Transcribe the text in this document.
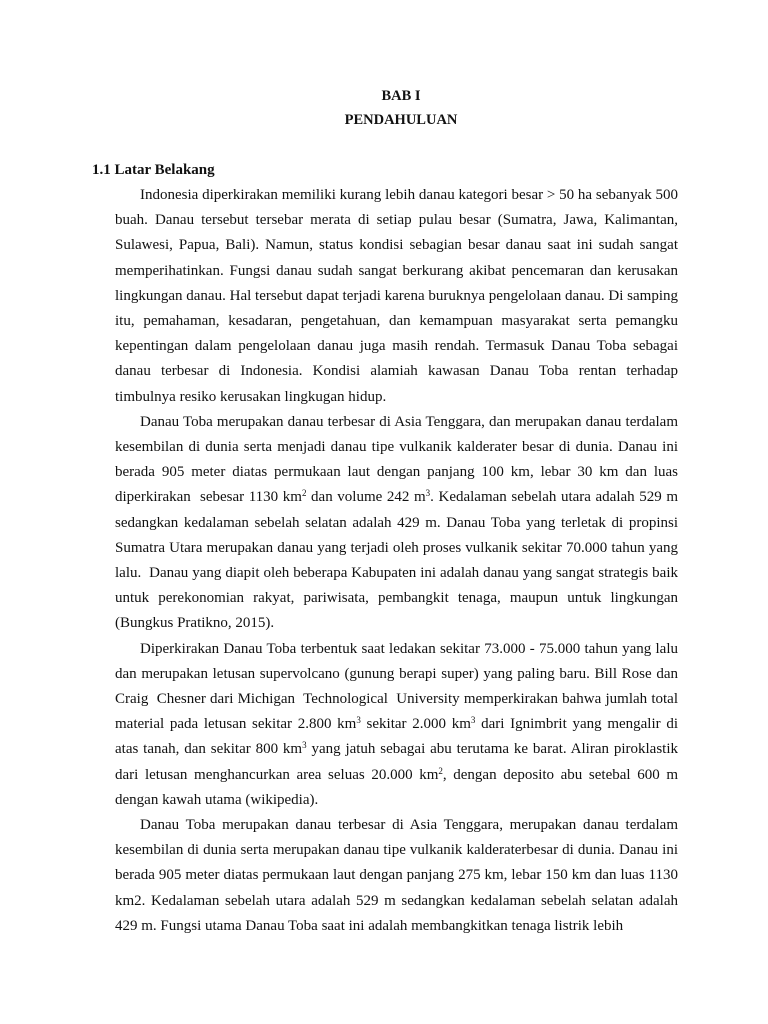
BAB I
PENDAHULUAN
1.1 Latar Belakang

Indonesia diperkirakan memiliki kurang lebih danau kategori besar > 50 ha sebanyak 500 buah. Danau tersebut tersebar merata di setiap pulau besar (Sumatra, Jawa, Kalimantan, Sulawesi, Papua, Bali). Namun, status kondisi sebagian besar danau saat ini sudah sangat memperihatinkan. Fungsi danau sudah sangat berkurang akibat pencemaran dan kerusakan lingkungan danau. Hal tersebut dapat terjadi karena buruknya pengelolaan danau. Di samping itu, pemahaman, kesadaran, pengetahuan, dan kemampuan masyarakat serta pemangku kepentingan dalam pengelolaan danau juga masih rendah. Termasuk Danau Toba sebagai danau terbesar di Indonesia. Kondisi alamiah kawasan Danau Toba rentan terhadap timbulnya resiko kerusakan lingkugan hidup.

Danau Toba merupakan danau terbesar di Asia Tenggara, dan merupakan danau terdalam kesembilan di dunia serta menjadi danau tipe vulkanik kalderater besar di dunia. Danau ini berada 905 meter diatas permukaan laut dengan panjang 100 km, lebar 30 km dan luas diperkirakan  sebesar 1130 $km^2$ dan volume 242 $m^3$. Kedalaman sebelah utara adalah 529 m sedangkan kedalaman sebelah selatan adalah 429 m. Danau Toba yang terletak di propinsi Sumatra Utara merupakan danau yang terjadi oleh proses vulkanik sekitar 70.000 tahun yang lalu.  Danau yang diapit oleh beberapa Kabupaten ini adalah danau yang sangat strategis baik untuk perekonomian rakyat, pariwisata, pembangkit tenaga, maupun untuk lingkungan (Bungkus Pratikno, 2015).

Diperkirakan Danau Toba terbentuk saat ledakan sekitar 73.000 - 75.000 tahun yang lalu dan merupakan letusan supervolcano (gunung berapi super) yang paling baru. Bill Rose dan Craig  Chesner dari Michigan  Technological  University memperkirakan bahwa jumlah total material pada letusan sekitar 2.800 $km^3$ sekitar 2.000 $km^3$ dari Ignimbrit yang mengalir di atas tanah, dan sekitar 800 $km^3$ yang jatuh sebagai abu terutama ke barat. Aliran piroklastik dari letusan menghancurkan area seluas 20.000 $km^2$, dengan deposito abu setebal 600 m dengan kawah utama (wikipedia).

Danau Toba merupakan danau terbesar di Asia Tenggara, merupakan danau terdalam kesembilan di dunia serta merupakan danau tipe vulkanik kalderaterbesar di dunia. Danau ini berada 905 meter diatas permukaan laut dengan panjang 275 km, lebar 150 km dan luas 1130 km2. Kedalaman sebelah utara adalah 529 m sedangkan kedalaman sebelah selatan adalah 429 m. Fungsi utama Danau Toba saat ini adalah membangkitkan tenaga listrik lebih
